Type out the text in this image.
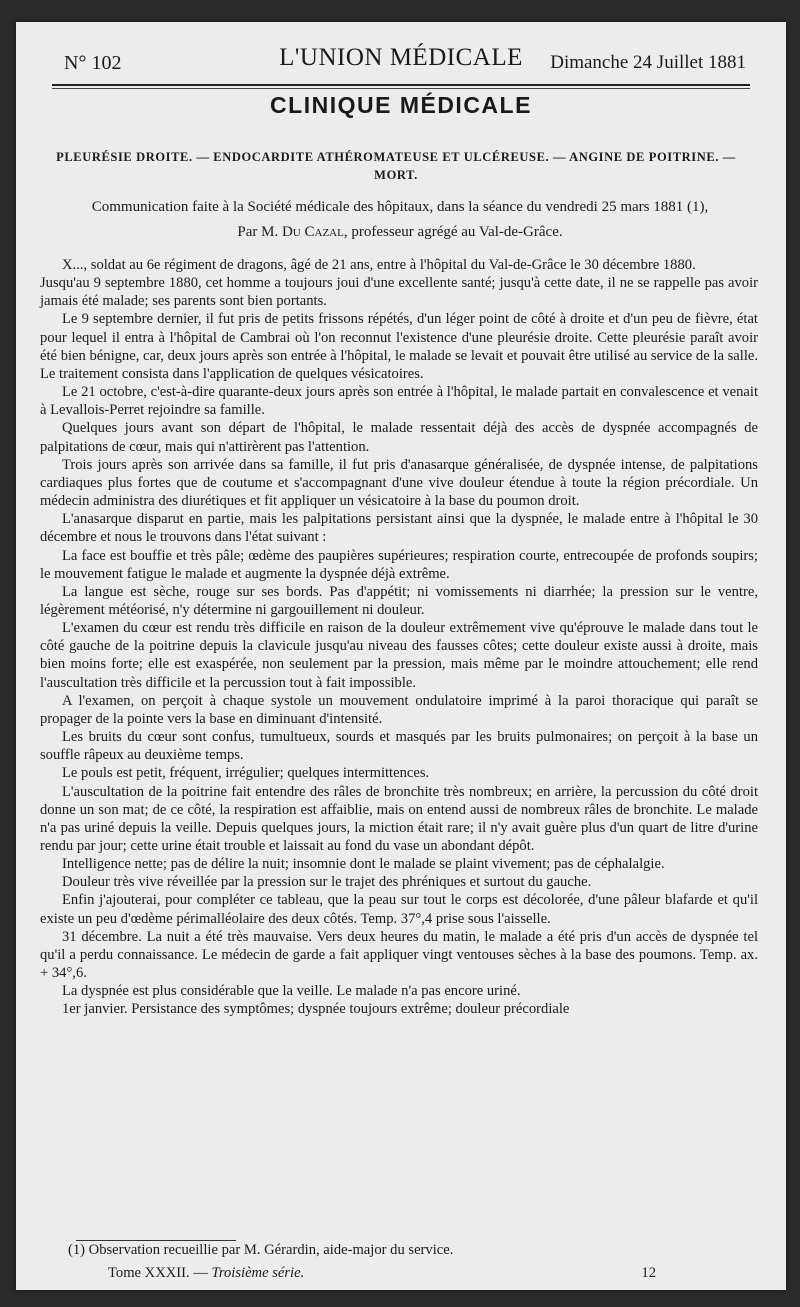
N° 102	L'UNION MÉDICALE	Dimanche 24 Juillet 1881
CLINIQUE MÉDICALE
PLEURÉSIE DROITE. — ENDOCARDITE ATHÉROMATEUSE ET ULCÉREUSE. — ANGINE DE POITRINE. — MORT.
Communication faite à la Société médicale des hôpitaux, dans la séance du vendredi 25 mars 1881 (1),
Par M. Du Cazal, professeur agrégé au Val-de-Grâce.

X..., soldat au 6e régiment de dragons, âgé de 21 ans, entre à l'hôpital du Val-de-Grâce le 30 décembre 1880.

Jusqu'au 9 septembre 1880, cet homme a toujours joui d'une excellente santé; jusqu'à cette date, il ne se rappelle pas avoir jamais été malade; ses parents sont bien portants.

Le 9 septembre dernier, il fut pris de petits frissons répétés, d'un léger point de côté à droite et d'un peu de fièvre, état pour lequel il entra à l'hôpital de Cambrai où l'on reconnut l'existence d'une pleurésie droite. Cette pleurésie paraît avoir été bien bénigne, car, deux jours après son entrée à l'hôpital, le malade se levait et pouvait être utilisé au service de la salle. Le traitement consista dans l'application de quelques vésicatoires.

Le 21 octobre, c'est-à-dire quarante-deux jours après son entrée à l'hôpital, le malade partait en convalescence et venait à Levallois-Perret rejoindre sa famille.

Quelques jours avant son départ de l'hôpital, le malade ressentait déjà des accès de dyspnée accompagnés de palpitations de cœur, mais qui n'attirèrent pas l'attention.

Trois jours après son arrivée dans sa famille, il fut pris d'anasarque généralisée, de dyspnée intense, de palpitations cardiaques plus fortes que de coutume et s'accompagnant d'une vive douleur étendue à toute la région précordiale. Un médecin administra des diurétiques et fit appliquer un vésicatoire à la base du poumon droit.

L'anasarque disparut en partie, mais les palpitations persistant ainsi que la dyspnée, le malade entre à l'hôpital le 30 décembre et nous le trouvons dans l'état suivant :

La face est bouffie et très pâle; œdème des paupières supérieures; respiration courte, entrecoupée de profonds soupirs; le mouvement fatigue le malade et augmente la dyspnée déjà extrême.

La langue est sèche, rouge sur ses bords. Pas d'appétit; ni vomissements ni diarrhée; la pression sur le ventre, légèrement météorisé, n'y détermine ni gargouillement ni douleur.

L'examen du cœur est rendu très difficile en raison de la douleur extrêmement vive qu'éprouve le malade dans tout le côté gauche de la poitrine depuis la clavicule jusqu'au niveau des fausses côtes; cette douleur existe aussi à droite, mais bien moins forte; elle est exaspérée, non seulement par la pression, mais même par le moindre attouchement; elle rend l'auscultation très difficile et la percussion tout à fait impossible.

A l'examen, on perçoit à chaque systole un mouvement ondulatoire imprimé à la paroi thoracique qui paraît se propager de la pointe vers la base en diminuant d'intensité.

Les bruits du cœur sont confus, tumultueux, sourds et masqués par les bruits pulmonaires; on perçoit à la base un souffle râpeux au deuxième temps.

Le pouls est petit, fréquent, irrégulier; quelques intermittences.

L'auscultation de la poitrine fait entendre des râles de bronchite très nombreux; en arrière, la percussion du côté droit donne un son mat; de ce côté, la respiration est affaiblie, mais on entend aussi de nombreux râles de bronchite. Le malade n'a pas uriné depuis la veille. Depuis quelques jours, la miction était rare; il n'y avait guère plus d'un quart de litre d'urine rendu par jour; cette urine était trouble et laissait au fond du vase un abondant dépôt.

Intelligence nette; pas de délire la nuit; insomnie dont le malade se plaint vivement; pas de céphalalgie.

Douleur très vive réveillée par la pression sur le trajet des phréniques et surtout du gauche.

Enfin j'ajouterai, pour compléter ce tableau, que la peau sur tout le corps est décolorée, d'une pâleur blafarde et qu'il existe un peu d'œdème périmalléolaire des deux côtés. Temp. 37°,4 prise sous l'aisselle.

31 décembre. La nuit a été très mauvaise. Vers deux heures du matin, le malade a été pris d'un accès de dyspnée tel qu'il a perdu connaissance. Le médecin de garde a fait appliquer vingt ventouses sèches à la base des poumons. Temp. ax. + 34°,6.

La dyspnée est plus considérable que la veille. Le malade n'a pas encore uriné.

1er janvier. Persistance des symptômes; dyspnée toujours extrême; douleur précordiale

(1) Observation recueillie par M. Gérardin, aide-major du service.
Tome XXXII. — Troisième série.	12
